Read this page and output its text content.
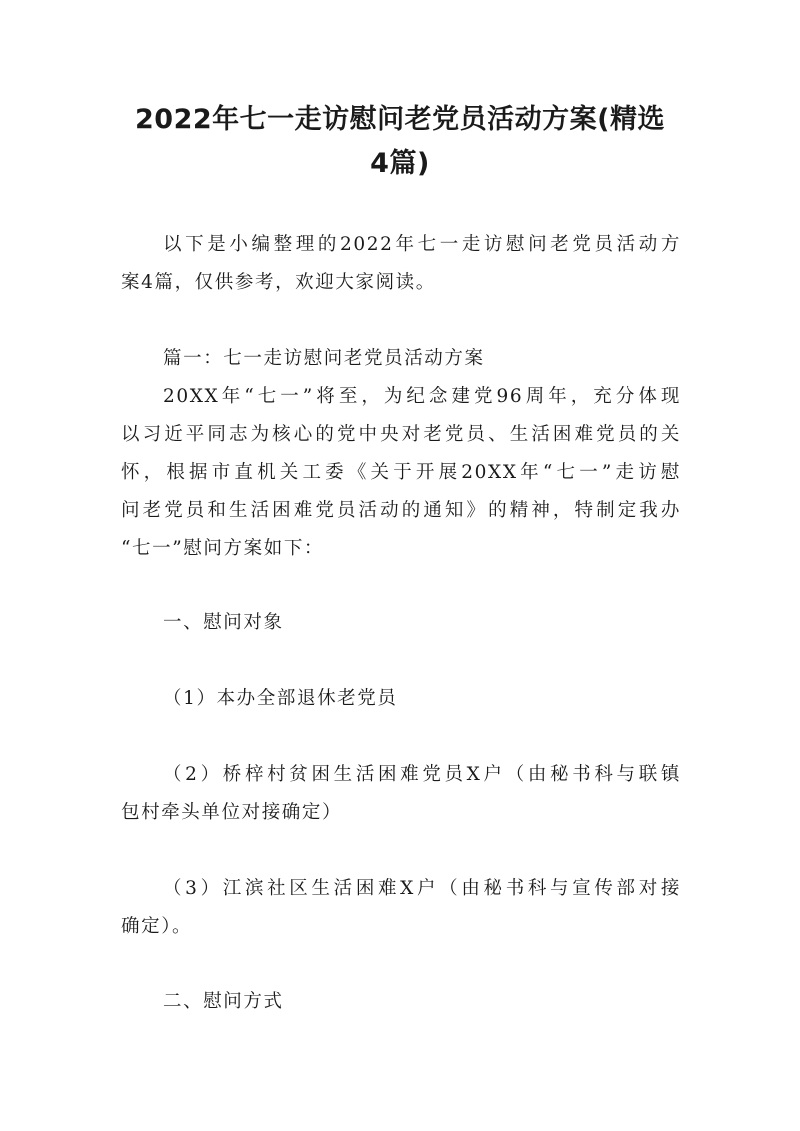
2022年七一走访慰问老党员活动方案(精选
4篇)

以下是小编整理的2022年七一走访慰问老党员活动方

案4篇，仅供参考，欢迎大家阅读。

篇一：七一走访慰问老党员活动方案

20XX年“七一”将至，为纪念建党96周年，充分体现

以习近平同志为核心的党中央对老党员、生活困难党员的关

怀，根据市直机关工委《关于开展20XX年“七一”走访慰

问老党员和生活困难党员活动的通知》的精神，特制定我办

“七一”慰问方案如下：

一、慰问对象

（1）本办全部退休老党员

（2）桥梓村贫困生活困难党员X户（由秘书科与联镇

包村牵头单位对接确定）

（3）江滨社区生活困难X户（由秘书科与宣传部对接

确定）。

二、慰问方式
